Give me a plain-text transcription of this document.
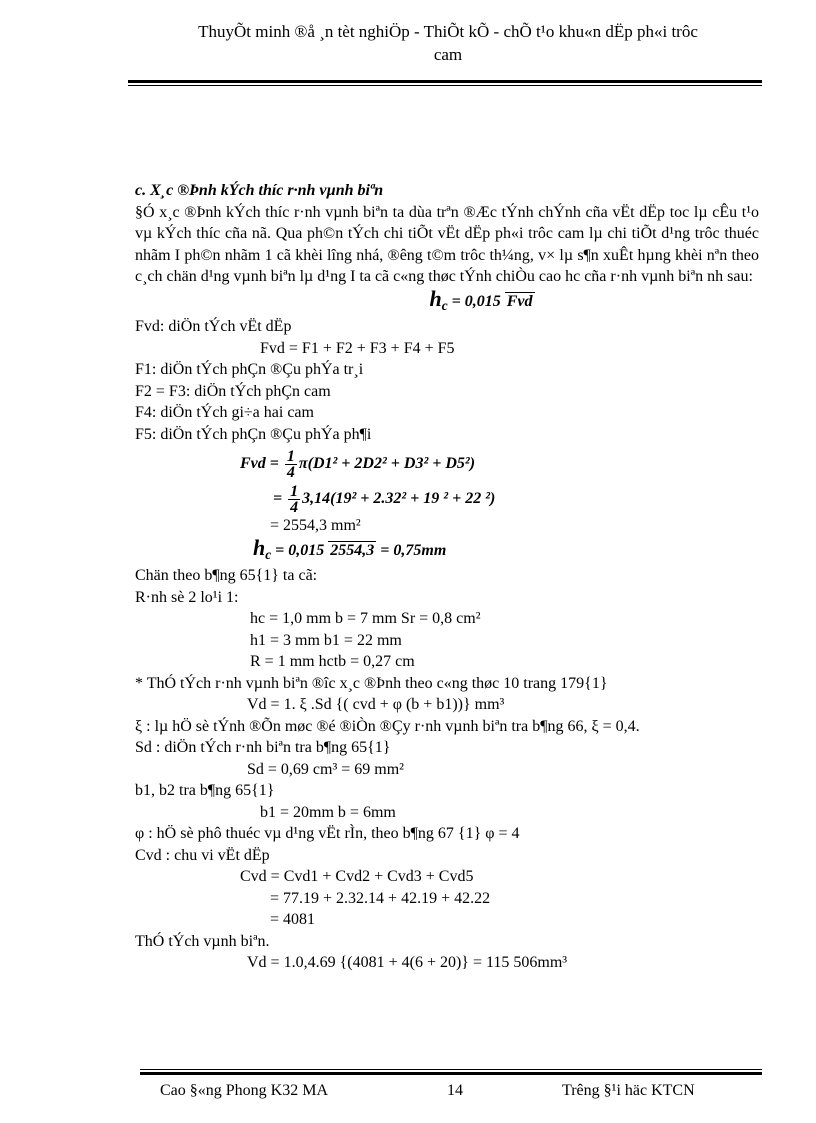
ThuyÕt minh ®å ¸n tèt nghiÖp - ThiÕt kÕ - chÕ t¹o khu«n dËp ph«i trôc
cam

c. X¸c ®Þnh kÝch thíc r·nh vµnh biªn

§Ó x¸c ®Þnh kÝch thíc r·nh vµnh biªn ta dùa trªn ®Æc tÝnh chÝnh cña vËt dËp toc lµ cÊu t¹o vµ kÝch thíc cña nã. Qua ph©n tÝch chi tiÕt vËt dËp ph«i trôc cam lµ chi tiÕt d¹ng trôc thuéc nhãm I ph©n nhãm 1 cã khèi lîng nhá, ®êng t©m trôc th¼ng, v× lµ s¶n xuÊt hµng khèi nªn theo c¸ch chän d¹ng vµnh biªn lµ d¹ng I ta cã c«ng thøc tÝnh chiÒu cao hc cña r·nh vµnh biªn nh sau:

$h_c = 0,015$ Fvd

Fvd: diÖn tÝch vËt dËp

Fvd = F1 + F2 + F3 + F4 + F5

F1: diÖn tÝch phÇn ®Çu phÝa tr¸i

F2 = F3: diÖn tÝch phÇn cam

F4: diÖn tÝch gi÷a hai cam

F5: diÖn tÝch phÇn ®Çu phÝa ph¶i

Fvd = $\frac{1}{4} \pi(D1^2 + 2D2^2 + D3^2 + D5^2)$

= $\frac{1}{4} 3,14(19^2 + 2.32^2 + 19$ ² + 22 ²)

= 2554,3 mm²

$h_c = 0,015$ 2554,3 = 0,75mm

Chän theo b¶ng 65{1} ta cã:

R·nh sè 2 lo¹i 1:

hc = 1,0 mm b = 7 mm Sr = 0,8 cm²

h1 = 3 mm b1 = 22 mm

R = 1 mm hctb = 0,27 cm

* ThÓ tÝch r·nh vµnh biªn ®îc x¸c ®Þnh theo c«ng thøc 10 trang 179{1}

Vd = 1. ξ .Sd {( cvd + φ (b + b1))} mm³

ξ : lµ hÖ sè tÝnh ®Õn møc ®é ®iÒn ®Çy r·nh vµnh biªn tra b¶ng 66, ξ = 0,4.

Sd : diÖn tÝch r·nh biªn tra b¶ng 65{1}

Sd = 0,69 cm³ = 69 mm²

b1, b2 tra b¶ng 65{1}

b1 = 20mm b = 6mm

φ : hÖ sè phô thuéc vµ d¹ng vËt rÌn, theo b¶ng 67 {1} φ = 4

Cvd : chu vi vËt dËp

Cvd = Cvd1 + Cvd2 + Cvd3 + Cvd5

= 77.19 + 2.32.14 + 42.19 + 42.22

= 4081

ThÓ tÝch vµnh biªn.

Vd = 1.0,4.69 {(4081 + 4(6 + 20)} = 115 506mm³

Cao §«ng Phong K32 MA	14	Trêng §¹i häc KTCN
